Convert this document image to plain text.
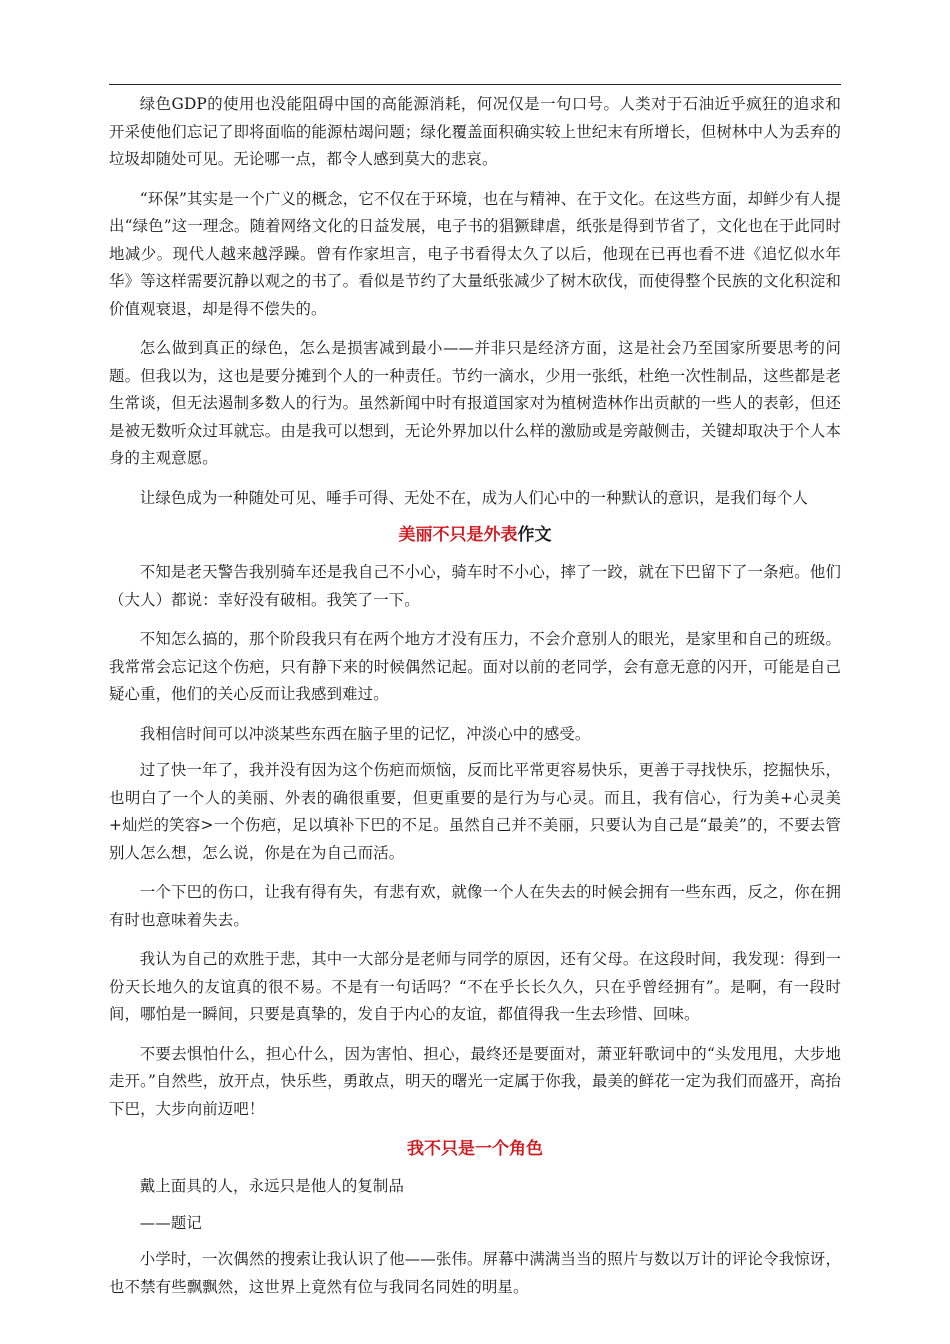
绿色GDP的使用也没能阻碍中国的高能源消耗，何况仅是一句口号。人类对于石油近乎疯狂的追求和开采使他们忘记了即将面临的能源枯竭问题；绿化覆盖面积确实较上世纪末有所增长，但树林中人为丢弃的垃圾却随处可见。无论哪一点，都令人感到莫大的悲哀。

“环保”其实是一个广义的概念，它不仅在于环境，也在与精神、在于文化。在这些方面，却鲜少有人提出“绿色”这一理念。随着网络文化的日益发展，电子书的猖獗肆虐，纸张是得到节省了，文化也在于此同时地减少。现代人越来越浮躁。曾有作家坦言，电子书看得太久了以后，他现在已再也看不进《追忆似水年华》等这样需要沉静以观之的书了。看似是节约了大量纸张减少了树木砍伐，而使得整个民族的文化积淀和价值观衰退，却是得不偿失的。

怎么做到真正的绿色，怎么是损害减到最小——并非只是经济方面，这是社会乃至国家所要思考的问题。但我以为，这也是要分摊到个人的一种责任。节约一滴水，少用一张纸，杜绝一次性制品，这些都是老生常谈，但无法遏制多数人的行为。虽然新闻中时有报道国家对为植树造林作出贡献的一些人的表彰，但还是被无数听众过耳就忘。由是我可以想到，无论外界加以什么样的激励或是旁敲侧击，关键却取决于个人本身的主观意愿。

让绿色成为一种随处可见、唾手可得、无处不在，成为人们心中的一种默认的意识，是我们每个人

美丽不只是外表作文

不知是老天警告我别骑车还是我自己不小心，骑车时不小心，摔了一跤，就在下巴留下了一条疤。他们（大人）都说：幸好没有破相。我笑了一下。

不知怎么搞的，那个阶段我只有在两个地方才没有压力，不会介意别人的眼光，是家里和自己的班级。我常常会忘记这个伤疤，只有静下来的时候偶然记起。面对以前的老同学，会有意无意的闪开，可能是自己疑心重，他们的关心反而让我感到难过。

我相信时间可以冲淡某些东西在脑子里的记忆，冲淡心中的感受。

过了快一年了，我并没有因为这个伤疤而烦恼，反而比平常更容易快乐，更善于寻找快乐，挖掘快乐，也明白了一个人的美丽、外表的确很重要，但更重要的是行为与心灵。而且，我有信心，行为美+心灵美+灿烂的笑容>一个伤疤，足以填补下巴的不足。虽然自己并不美丽，只要认为自己是“最美”的，不要去管别人怎么想，怎么说，你是在为自己而活。

一个下巴的伤口，让我有得有失，有悲有欢，就像一个人在失去的时候会拥有一些东西，反之，你在拥有时也意味着失去。

我认为自己的欢胜于悲，其中一大部分是老师与同学的原因，还有父母。在这段时间，我发现：得到一份天长地久的友谊真的很不易。不是有一句话吗？“不在乎长长久久，只在乎曾经拥有”。是啊，有一段时间，哪怕是一瞬间，只要是真挚的，发自于内心的友谊，都值得我一生去珍惜、回味。

不要去惧怕什么，担心什么，因为害怕、担心，最终还是要面对，萧亚轩歌词中的“头发甩甩，大步地走开。”自然些，放开点，快乐些，勇敢点，明天的曙光一定属于你我，最美的鲜花一定为我们而盛开，高抬下巴，大步向前迈吧！

我不只是一个角色

戴上面具的人，永远只是他人的复制品

——题记

小学时，一次偶然的搜索让我认识了他——张伟。屏幕中满满当当的照片与数以万计的评论令我惊讶，也不禁有些飘飘然，这世界上竟然有位与我同名同姓的明星。
